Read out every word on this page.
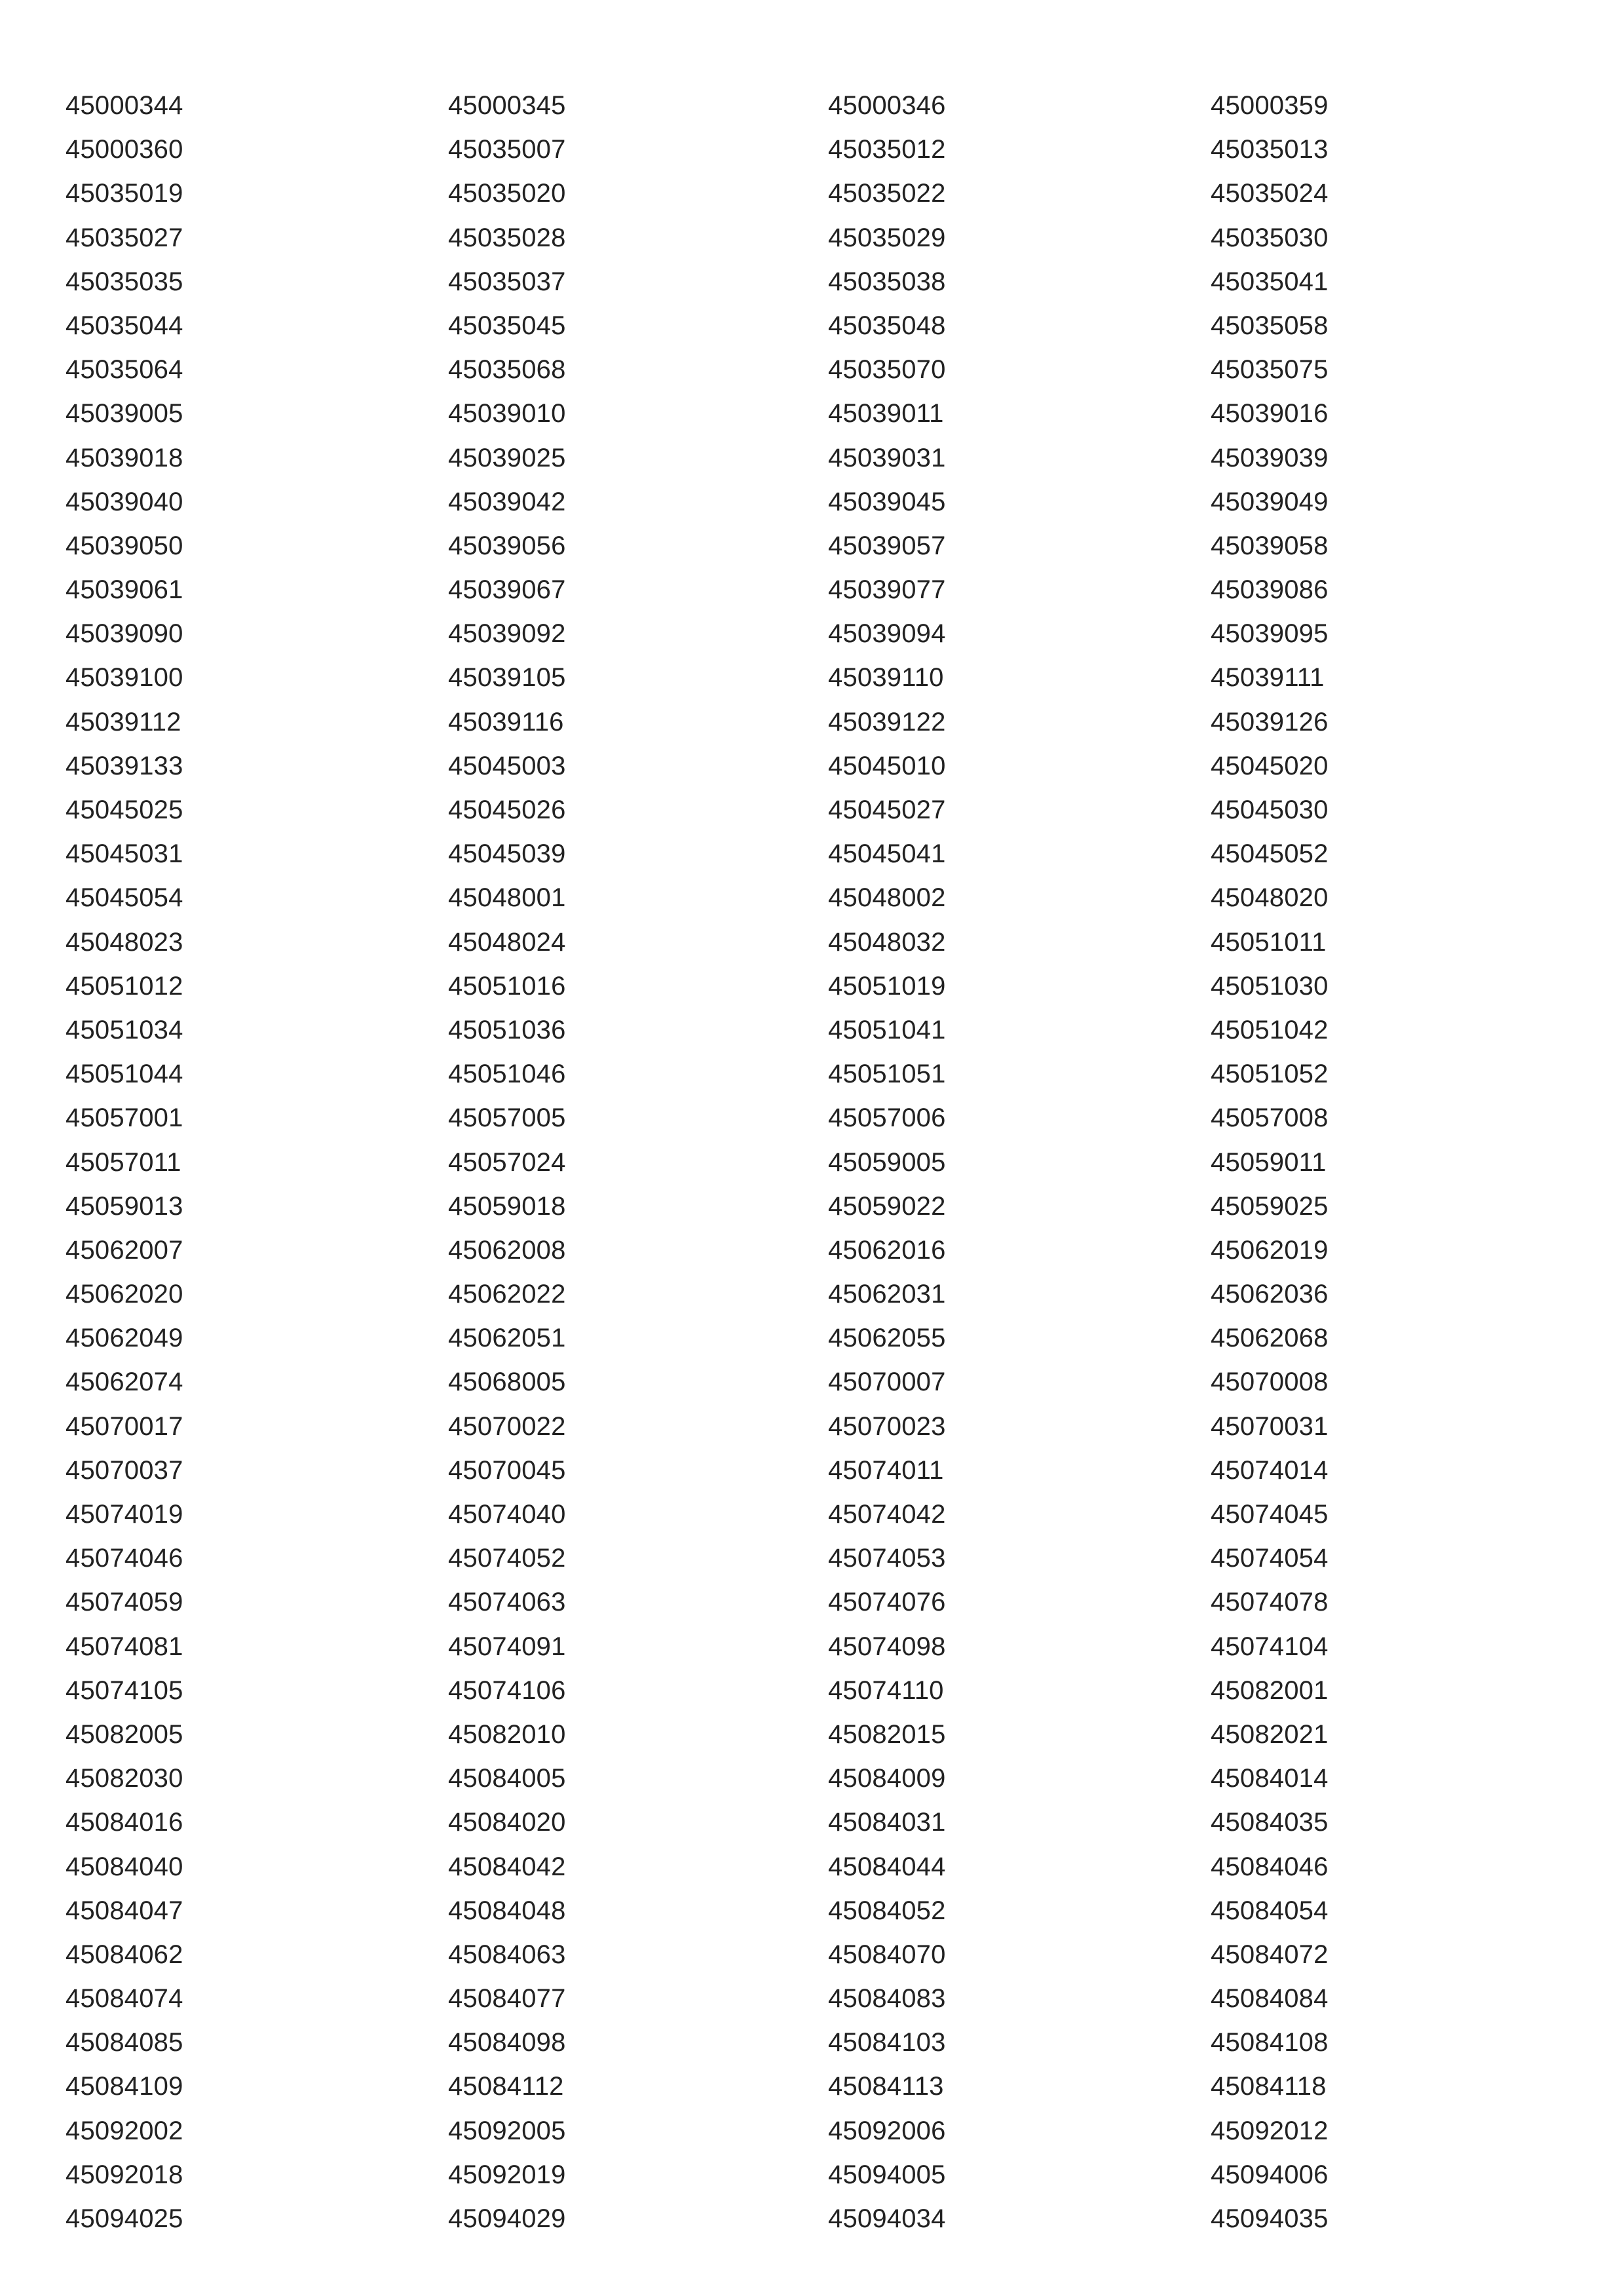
45000344	45000345	45000346	45000359
45000360	45035007	45035012	45035013
45035019	45035020	45035022	45035024
45035027	45035028	45035029	45035030
45035035	45035037	45035038	45035041
45035044	45035045	45035048	45035058
45035064	45035068	45035070	45035075
45039005	45039010	45039011	45039016
45039018	45039025	45039031	45039039
45039040	45039042	45039045	45039049
45039050	45039056	45039057	45039058
45039061	45039067	45039077	45039086
45039090	45039092	45039094	45039095
45039100	45039105	45039110	45039111
45039112	45039116	45039122	45039126
45039133	45045003	45045010	45045020
45045025	45045026	45045027	45045030
45045031	45045039	45045041	45045052
45045054	45048001	45048002	45048020
45048023	45048024	45048032	45051011
45051012	45051016	45051019	45051030
45051034	45051036	45051041	45051042
45051044	45051046	45051051	45051052
45057001	45057005	45057006	45057008
45057011	45057024	45059005	45059011
45059013	45059018	45059022	45059025
45062007	45062008	45062016	45062019
45062020	45062022	45062031	45062036
45062049	45062051	45062055	45062068
45062074	45068005	45070007	45070008
45070017	45070022	45070023	45070031
45070037	45070045	45074011	45074014
45074019	45074040	45074042	45074045
45074046	45074052	45074053	45074054
45074059	45074063	45074076	45074078
45074081	45074091	45074098	45074104
45074105	45074106	45074110	45082001
45082005	45082010	45082015	45082021
45082030	45084005	45084009	45084014
45084016	45084020	45084031	45084035
45084040	45084042	45084044	45084046
45084047	45084048	45084052	45084054
45084062	45084063	45084070	45084072
45084074	45084077	45084083	45084084
45084085	45084098	45084103	45084108
45084109	45084112	45084113	45084118
45092002	45092005	45092006	45092012
45092018	45092019	45094005	45094006
45094025	45094029	45094034	45094035
